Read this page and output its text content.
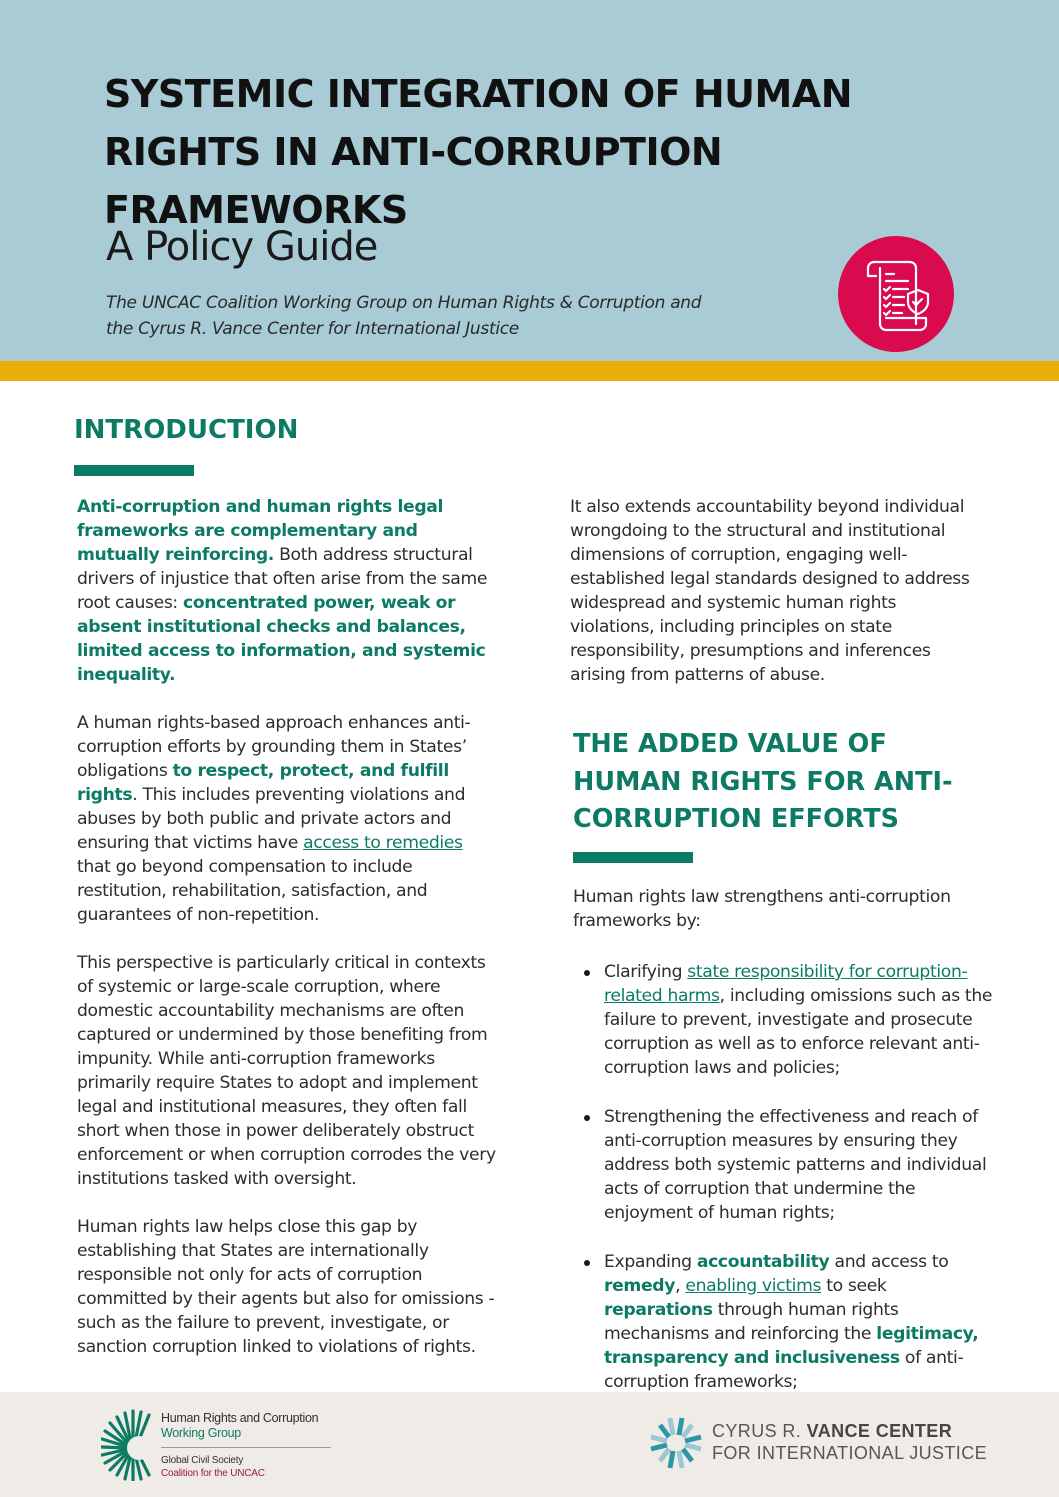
SYSTEMIC INTEGRATION OF HUMAN RIGHTS IN ANTI-CORRUPTION FRAMEWORKS
A Policy Guide
The UNCAC Coalition Working Group on Human Rights & Corruption and
the Cyrus R. Vance Center for International Justice
INTRODUCTION

Anti-corruption and human rights legal frameworks are complementary and mutually reinforcing. Both address structural drivers of injustice that often arise from the same root causes: concentrated power, weak or absent institutional checks and balances, limited access to information, and systemic inequality.

A human rights-based approach enhances anti-corruption efforts by grounding them in States’ obligations to respect, protect, and fulfill rights. This includes preventing violations and abuses by both public and private actors and ensuring that victims have access to remedies that go beyond compensation to include restitution, rehabilitation, satisfaction, and guarantees of non-repetition.

This perspective is particularly critical in contexts of systemic or large-scale corruption, where domestic accountability mechanisms are often captured or undermined by those benefiting from impunity. While anti-corruption frameworks primarily require States to adopt and implement legal and institutional measures, they often fall short when those in power deliberately obstruct enforcement or when corruption corrodes the very institutions tasked with oversight.

Human rights law helps close this gap by establishing that States are internationally responsible not only for acts of corruption committed by their agents but also for omissions - such as the failure to prevent, investigate, or sanction corruption linked to violations of rights.

It also extends accountability beyond individual wrongdoing to the structural and institutional dimensions of corruption, engaging well-established legal standards designed to address widespread and systemic human rights violations, including principles on state responsibility, presumptions and inferences arising from patterns of abuse.

THE ADDED VALUE OF HUMAN RIGHTS FOR ANTI-CORRUPTION EFFORTS
Human rights law strengthens anti-corruption frameworks by:
Clarifying state responsibility for corruption-related harms, including omissions such as the failure to prevent, investigate and prosecute corruption as well as to enforce relevant anti-corruption laws and policies;
Strengthening the effectiveness and reach of anti-corruption measures by ensuring they address both systemic patterns and individual acts of corruption that undermine the enjoyment of human rights;
Expanding accountability and access to remedy, enabling victims to seek reparations through human rights mechanisms and reinforcing the legitimacy, transparency and inclusiveness of anti-corruption frameworks;
Human Rights and Corruption
Working Group
Global Civil Society
Coalition for the UNCAC
CYRUS R. VANCE CENTER
FOR INTERNATIONAL JUSTICE
